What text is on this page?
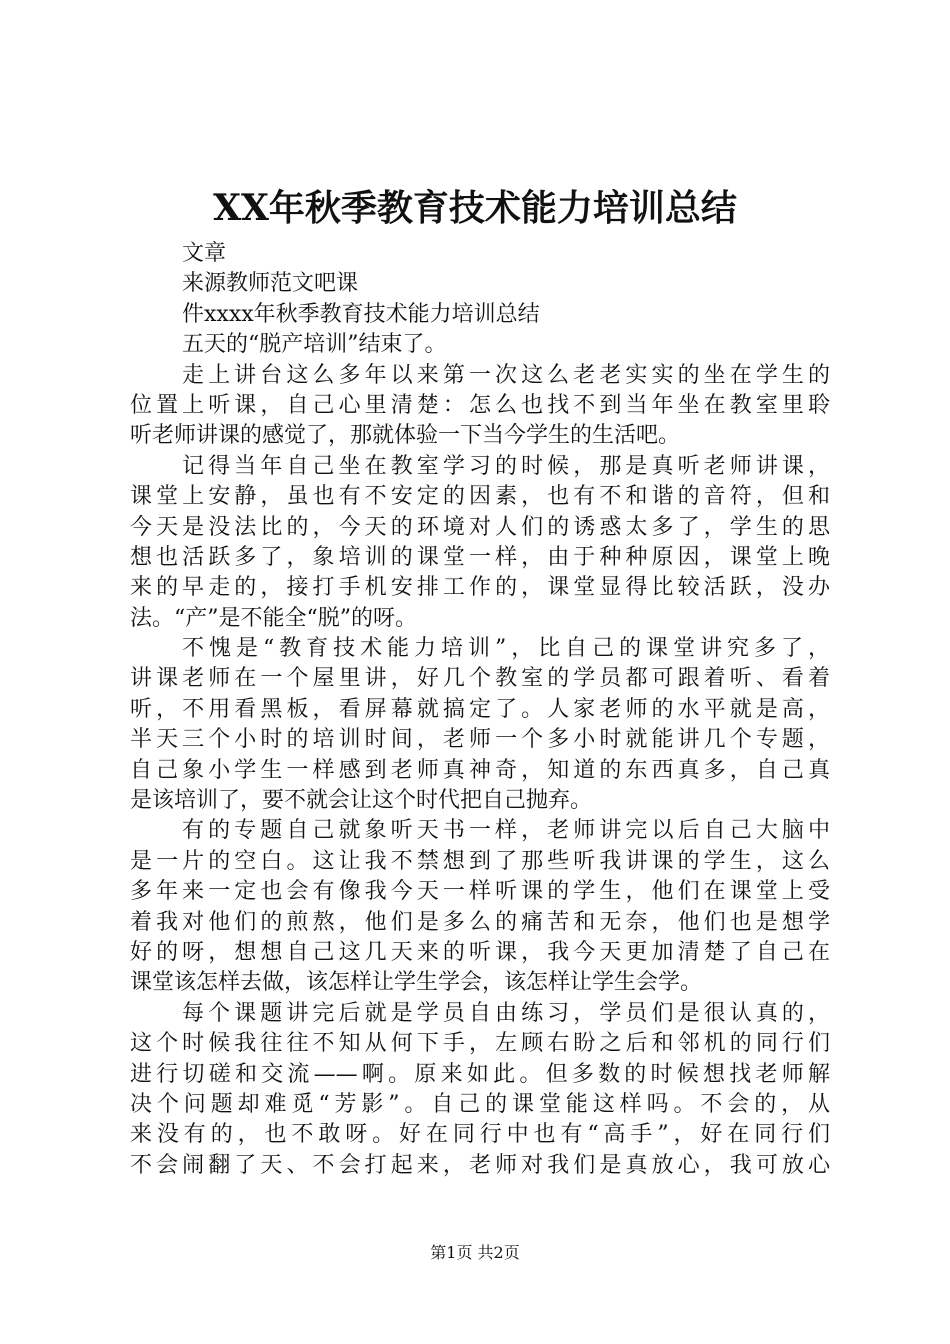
XX年秋季教育技术能力培训总结

文章

来源教师范文吧课

件xxxx年秋季教育技术能力培训总结

五天的“脱产培训”结束了。

走上讲台这么多年以来第一次这么老老实实的坐在学生的

位置上听课，自己心里清楚：怎么也找不到当年坐在教室里聆

听老师讲课的感觉了，那就体验一下当今学生的生活吧。

记得当年自己坐在教室学习的时候，那是真听老师讲课，

课堂上安静，虽也有不安定的因素，也有不和谐的音符，但和

今天是没法比的，今天的环境对人们的诱惑太多了，学生的思

想也活跃多了，象培训的课堂一样，由于种种原因，课堂上晚

来的早走的，接打手机安排工作的，课堂显得比较活跃，没办

法。“产”是不能全“脱”的呀。

不愧是“教育技术能力培训”，比自己的课堂讲究多了，

讲课老师在一个屋里讲，好几个教室的学员都可跟着听、看着

听，不用看黑板，看屏幕就搞定了。人家老师的水平就是高，

半天三个小时的培训时间，老师一个多小时就能讲几个专题，

自己象小学生一样感到老师真神奇，知道的东西真多，自己真

是该培训了，要不就会让这个时代把自己抛弃。

有的专题自己就象听天书一样，老师讲完以后自己大脑中

是一片的空白。这让我不禁想到了那些听我讲课的学生，这么

多年来一定也会有像我今天一样听课的学生，他们在课堂上受

着我对他们的煎熬，他们是多么的痛苦和无奈，他们也是想学

好的呀，想想自己这几天来的听课，我今天更加清楚了自己在

课堂该怎样去做，该怎样让学生学会，该怎样让学生会学。

每个课题讲完后就是学员自由练习，学员们是很认真的，

这个时候我往往不知从何下手，左顾右盼之后和邻机的同行们

进行切磋和交流——啊。原来如此。但多数的时候想找老师解

决个问题却难觅“芳影”。自己的课堂能这样吗。不会的，从

来没有的，也不敢呀。好在同行中也有“高手”，好在同行们

不会闹翻了天、不会打起来，老师对我们是真放心，我可放心

第1页 共2页
